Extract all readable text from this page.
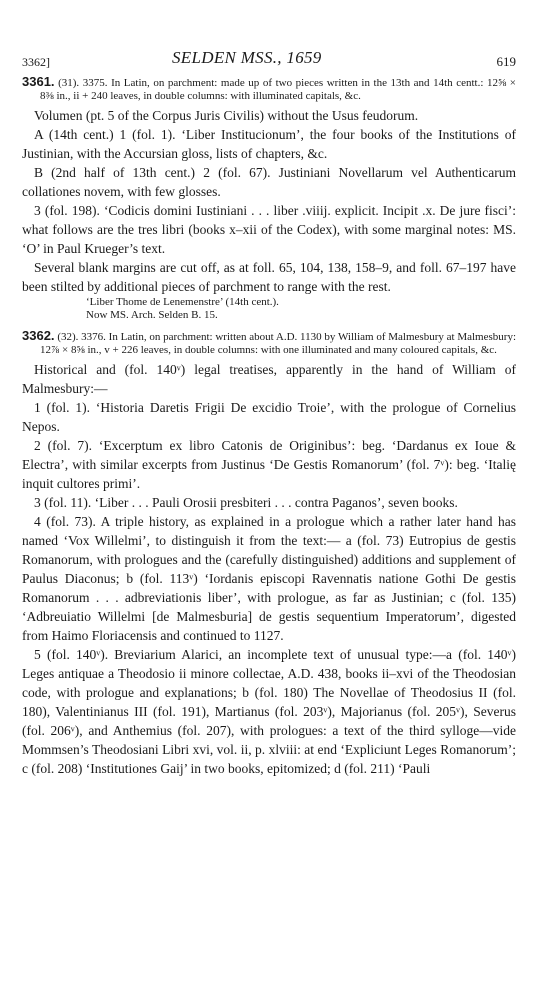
3362]	SELDEN MSS., 1659	619

3361. (31). 3375. In Latin, on parchment: made up of two pieces written in the 13th and 14th centt.: 12⅝ × 8⅜ in., ii + 240 leaves, in double columns: with illuminated capitals, &c.

Volumen (pt. 5 of the Corpus Juris Civilis) without the Usus feudorum.

A (14th cent.) 1 (fol. 1). ‘Liber Institucionum’, the four books of the Institutions of Justinian, with the Accursian gloss, lists of chapters, &c.

B (2nd half of 13th cent.) 2 (fol. 67). Justiniani Novellarum vel Authenticarum collationes novem, with few glosses.

3 (fol. 198). ‘Codicis domini Iustiniani . . . liber .viiij. explicit. Incipit .x. De jure fisci’: what follows are the tres libri (books x–xii of the Codex), with some marginal notes: MS. ‘O’ in Paul Krueger’s text.

Several blank margins are cut off, as at foll. 65, 104, 138, 158–9, and foll. 67–197 have been stilted by additional pieces of parchment to range with the rest.

‘Liber Thome de Lenemenstre’ (14th cent.).

Now MS. Arch. Selden B. 15.

3362. (32). 3376. In Latin, on parchment: written about A.D. 1130 by William of Malmesbury at Malmesbury: 12⅞ × 8⅝ in., v + 226 leaves, in double columns: with one illuminated and many coloured capitals, &c.

Historical and (fol. 140ᵛ) legal treatises, apparently in the hand of William of Malmesbury:—

1 (fol. 1). ‘Historia Daretis Frigii De excidio Troie’, with the prologue of Cornelius Nepos.

2 (fol. 7). ‘Excerptum ex libro Catonis de Originibus’: beg. ‘Dardanus ex Ioue & Electra’, with similar excerpts from Justinus ‘De Gestis Romanorum’ (fol. 7ᵛ): beg. ‘Italię inquit cultores primi’.

3 (fol. 11). ‘Liber . . . Pauli Orosii presbiteri . . . contra Paganos’, seven books.

4 (fol. 73). A triple history, as explained in a prologue which a rather later hand has named ‘Vox Willelmi’, to distinguish it from the text:— a (fol. 73) Eutropius de gestis Romanorum, with prologues and the (carefully distinguished) additions and supplement of Paulus Diaconus; b (fol. 113ᵛ) ‘Iordanis episcopi Ravennatis natione Gothi De gestis Romanorum . . . adbreviationis liber’, with prologue, as far as Justinian; c (fol. 135) ‘Adbreuiatio Willelmi [de Malmesburia] de gestis sequentium Imperatorum’, digested from Haimo Floriacensis and continued to 1127.

5 (fol. 140ᵛ). Breviarium Alarici, an incomplete text of unusual type:—a (fol. 140ᵛ) Leges antiquae a Theodosio ii minore collectae, A.D. 438, books ii–xvi of the Theodosian code, with prologue and explanations; b (fol. 180) The Novellae of Theodosius II (fol. 180), Valentinianus III (fol. 191), Martianus (fol. 203ᵛ), Majorianus (fol. 205ᵛ), Severus (fol. 206ᵛ), and Anthemius (fol. 207), with prologues: a text of the third sylloge—vide Mommsen’s Theodosiani Libri xvi, vol. ii, p. xlviii: at end ‘Expliciunt Leges Romanorum’; c (fol. 208) ‘Institutiones Gaij’ in two books, epitomized; d (fol. 211) ‘Pauli
